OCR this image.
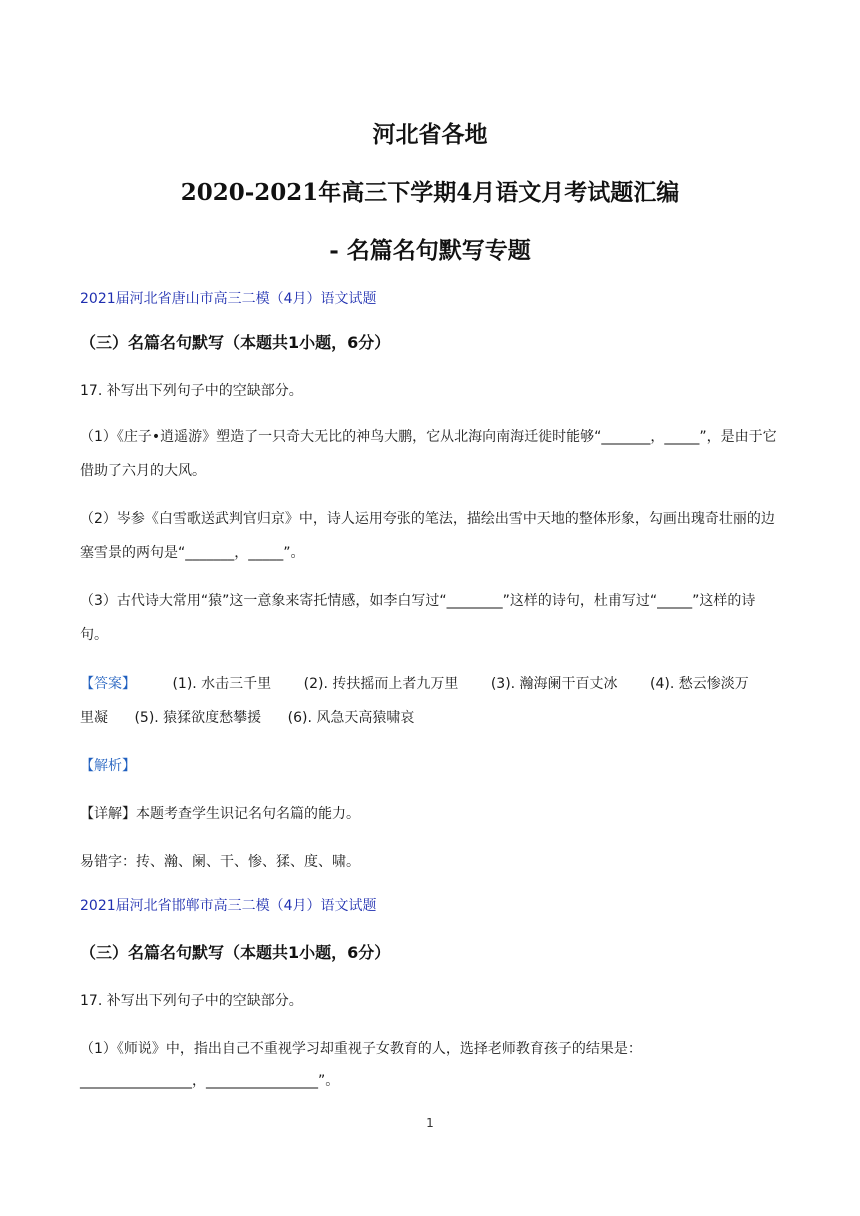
河北省各地
2020-2021年高三下学期4月语文月考试题汇编
- 名篇名句默写专题
2021届河北省唐山市高三二模（4月）语文试题
（三）名篇名句默写（本题共1小题，6分）
17. 补写出下列句子中的空缺部分。
（1）《庄子•逍遥游》塑造了一只奇大无比的神鸟大鹏，它从北海向南海迁徙时能够“_______，_____”，是由于它借助了六月的大风。
（2）岑参《白雪歌送武判官归京》中，诗人运用夸张的笔法，描绘出雪中天地的整体形象，勾画出瑰奇壮丽的边塞雪景的两句是“_______，_____”。
（3）古代诗大常用“猿”这一意象来寄托情感，如李白写过“________”这样的诗句，杜甫写过“_____”这样的诗句。
【答案】	(1). 水击三千里 (2). 抟扶摇而上者九万里 (3). 瀚海阑干百丈冰 (4). 愁云惨淡万
里凝 (5). 猿猱欲度愁攀援 (6). 风急天高猿啸哀
【解析】
【详解】本题考查学生识记名句名篇的能力。
易错字：抟、瀚、阑、干、惨、猱、度、啸。
2021届河北省邯郸市高三二模（4月）语文试题
（三）名篇名句默写（本题共1小题，6分）
17. 补写出下列句子中的空缺部分。
（1）《师说》中，指出自己不重视学习却重视子女教育的人，选择老师教育孩子的结果是：
________________，________________”。
1
